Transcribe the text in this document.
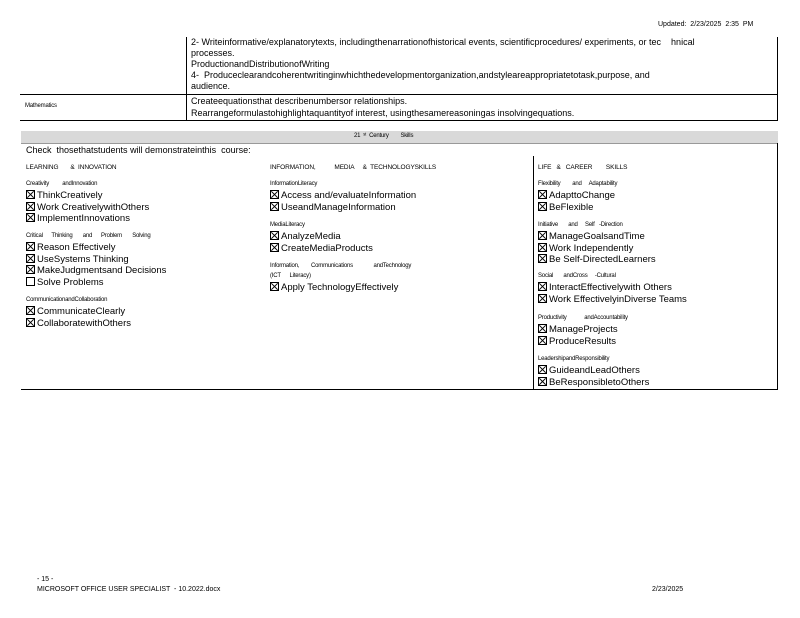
Updated:  2/23/2025  2:35  PM
2- Writeinformative/explanatorytexts, includingthenarrationofhistorical events, scientificprocedures/ experiments, or tec    hnical
processes.
ProductionandDistributionofWriting
4-  Produceclearandcoherentwritinginwhichthedevelopmentorganization,andstyleareappropriatetotask,purpose, and
audience.
Mathematics	Createequationsthat describenumbersor relationships.
Rearrangeformulastohighlightaquantityof interest, usingthesamereasoningas insolvingequations.
21  ˢᵗ  Century        Skills
Check  thosethatstudents will demonstrateinthis  course:
LEARNING       &  INNOVATION	INFORMATION,           MEDIA     &  TECHNOLOGYSKILLS	LIFE   &   CAREER        SKILLS
Creativity         andInnovation
ThinkCreatively
Work CreativelywithOthers
ImplementInnovations
Critical      Thinking       and      Problem       Solving
Reason Effectively
UseSystems Thinking
MakeJudgmentsand Decisions
Solve Problems
CommunicationandCollaboration
CommunicateClearly
CollaboratewithOthers
InformationLiteracy
Access and/evaluateInformation
UseandManageInformation
MediaLiteracy
AnalyzeMedia
CreateMediaProducts
Information,        Communications              andTechnology
(ICT      Literacy)
Apply TechnologyEffectively
Flexibility        and     Adaptability
AdapttoChange
BeFlexible
Initiative       and     Self   -Direction
ManageGoalsandTime
Work Independently
Be Self-DirectedLearners
Social       andCross     -Cultural
InteractEffectivelywith Others
Work EffectivelyinDiverse Teams
Productivity            andAccountability
ManageProjects
ProduceResults
LeadershipandResponsibility
GuideandLeadOthers
BeResponsibletoOthers
- 15 -
MICROSOFT OFFICE USER SPECIALIST  - 10.2022.docx	2/23/2025
